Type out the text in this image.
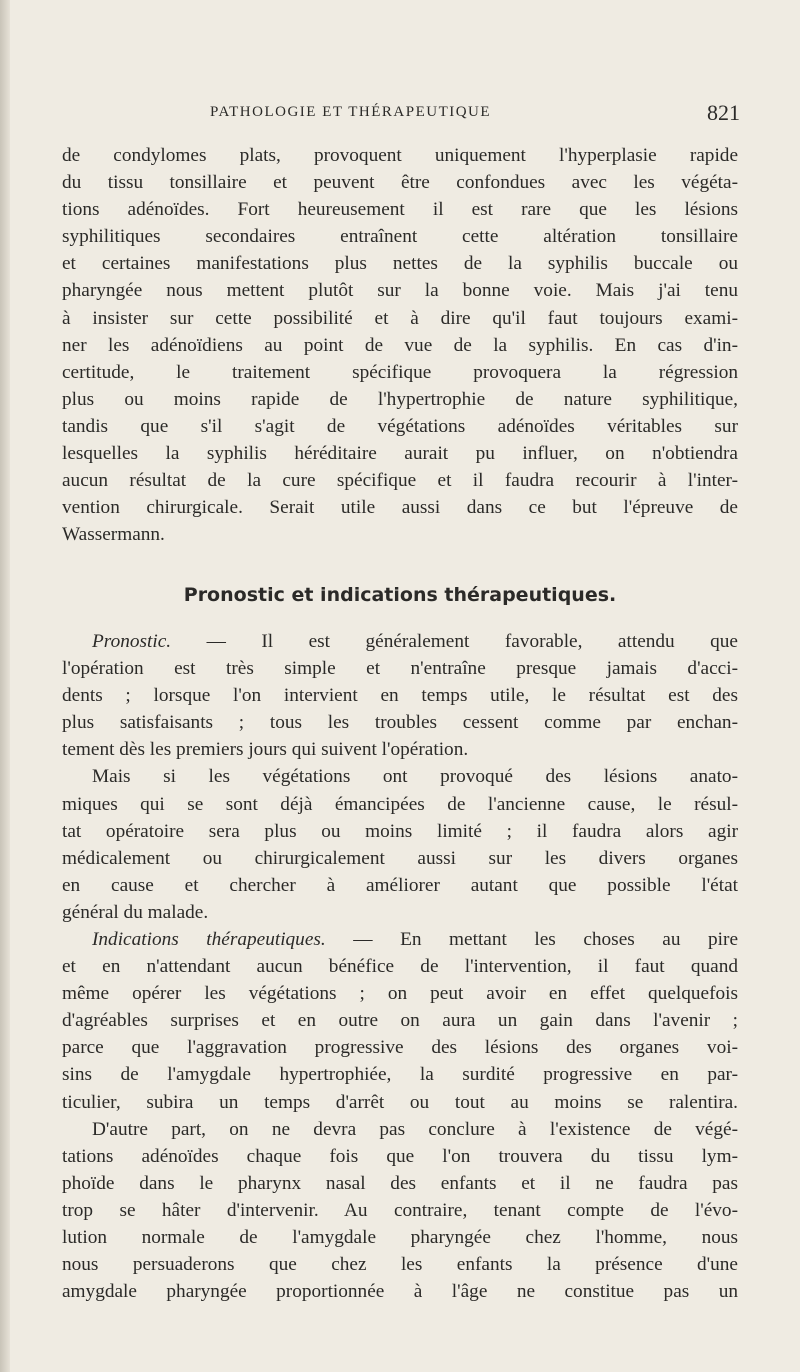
PATHOLOGIE ET THÉRAPEUTIQUE	821
de condylomes plats, provoquent uniquement l'hyperplasie rapide
du tissu tonsillaire et peuvent être confondues avec les végéta-
tions adénoïdes. Fort heureusement il est rare que les lésions
syphilitiques secondaires entraînent cette altération tonsillaire
et certaines manifestations plus nettes de la syphilis buccale ou
pharyngée nous mettent plutôt sur la bonne voie. Mais j'ai tenu
à insister sur cette possibilité et à dire qu'il faut toujours exami-
ner les adénoïdiens au point de vue de la syphilis. En cas d'in-
certitude, le traitement spécifique provoquera la régression
plus ou moins rapide de l'hypertrophie de nature syphilitique,
tandis que s'il s'agit de végétations adénoïdes véritables sur
lesquelles la syphilis héréditaire aurait pu influer, on n'obtiendra
aucun résultat de la cure spécifique et il faudra recourir à l'inter-
vention chirurgicale. Serait utile aussi dans ce but l'épreuve de
Wassermann.
Pronostic et indications thérapeutiques.
Pronostic. — Il est généralement favorable, attendu que
l'opération est très simple et n'entraîne presque jamais d'acci-
dents ; lorsque l'on intervient en temps utile, le résultat est des
plus satisfaisants ; tous les troubles cessent comme par enchan-
tement dès les premiers jours qui suivent l'opération.
Mais si les végétations ont provoqué des lésions anato-
miques qui se sont déjà émancipées de l'ancienne cause, le résul-
tat opératoire sera plus ou moins limité ; il faudra alors agir
médicalement ou chirurgicalement aussi sur les divers organes
en cause et chercher à améliorer autant que possible l'état
général du malade.
Indications thérapeutiques. — En mettant les choses au pire
et en n'attendant aucun bénéfice de l'intervention, il faut quand
même opérer les végétations ; on peut avoir en effet quelquefois
d'agréables surprises et en outre on aura un gain dans l'avenir ;
parce que l'aggravation progressive des lésions des organes voi-
sins de l'amygdale hypertrophiée, la surdité progressive en par-
ticulier, subira un temps d'arrêt ou tout au moins se ralentira.
D'autre part, on ne devra pas conclure à l'existence de végé-
tations adénoïdes chaque fois que l'on trouvera du tissu lym-
phoïde dans le pharynx nasal des enfants et il ne faudra pas
trop se hâter d'intervenir. Au contraire, tenant compte de l'évo-
lution normale de l'amygdale pharyngée chez l'homme, nous
nous persuaderons que chez les enfants la présence d'une
amygdale pharyngée proportionnée à l'âge ne constitue pas un
